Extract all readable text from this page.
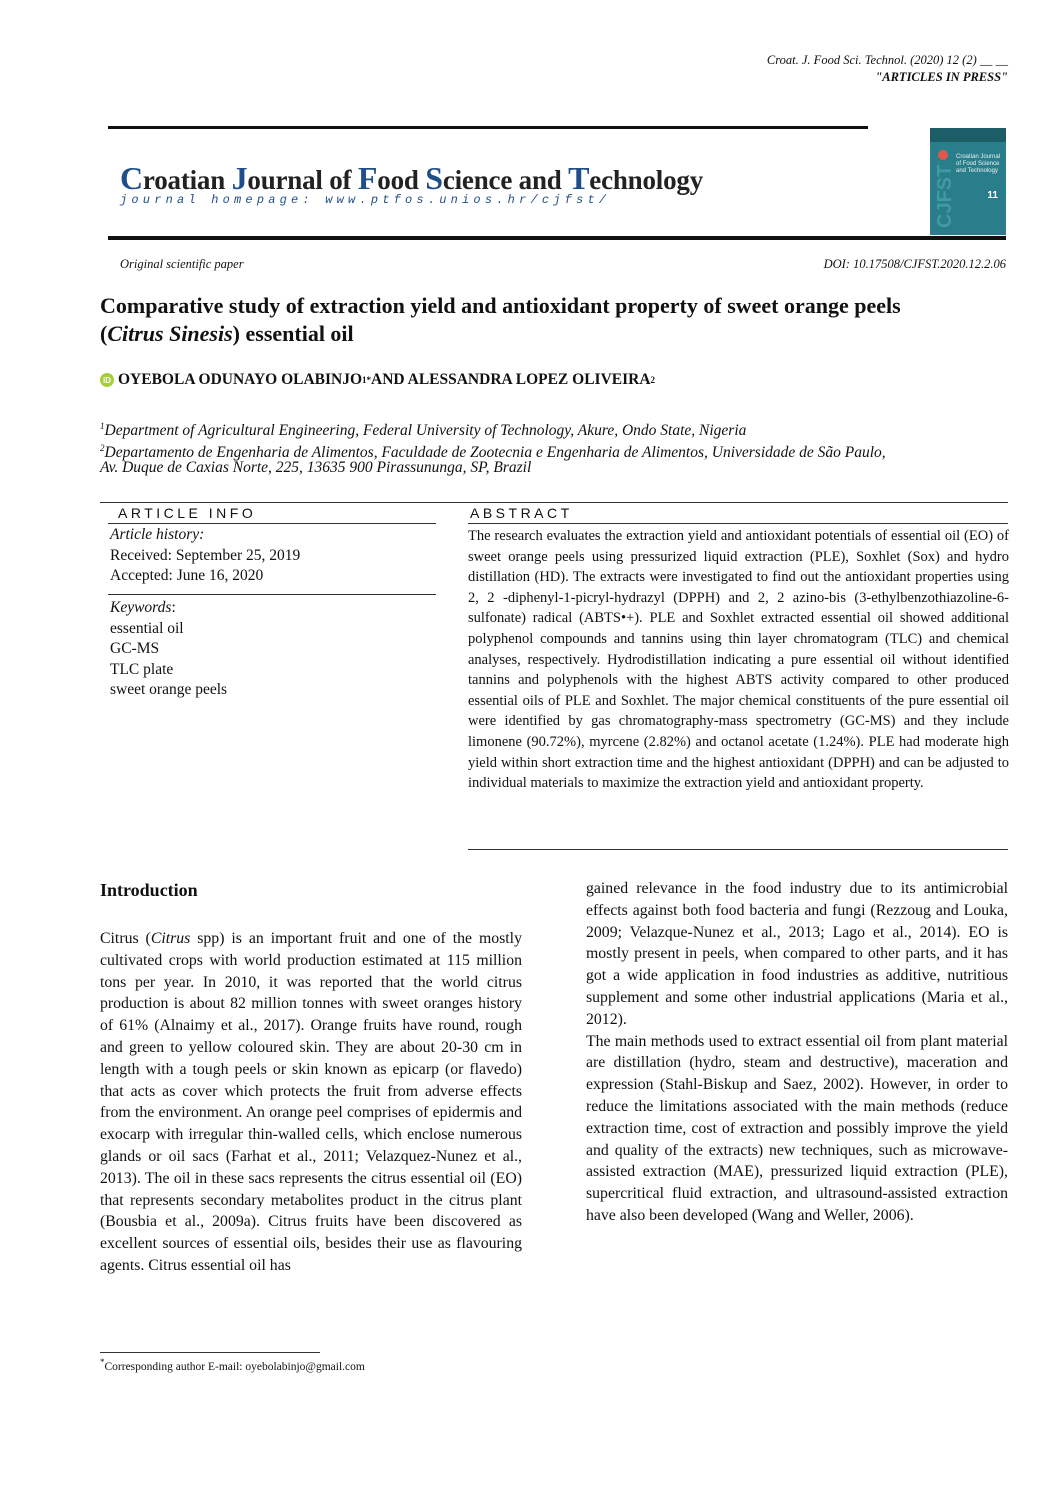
Croat. J. Food Sci. Technol. (2020) 12 (2) __ __
"ARTICLES IN PRESS"
Croatian Journal of Food Science and Technology
journal homepage: www.ptfos.unios.hr/cjfst/
Croatian Journal of Food Science and Technology
CJFST	11
Original scientific paper	DOI: 10.17508/CJFST.2020.12.2.06
Comparative study of extraction yield and antioxidant property of sweet orange peels
(Citrus Sinesis) essential oil
iD OYEBOLA ODUNAYO OLABINJO 1* AND ALESSANDRA LOPEZ OLIVEIRA 2
$^1$Department of Agricultural Engineering, Federal University of Technology, Akure, Ondo State, Nigeria
$^2$Departamento de Engenharia de Alimentos, Faculdade de Zootecnia e Engenharia de Alimentos, Universidade de São Paulo,
Av. Duque de Caxias Norte, 225, 13635 900 Pirassununga, SP, Brazil
ARTICLE INFO
Article history:
Received: September 25, 2019
Accepted: June 16, 2020
Keywords:
essential oil
GC-MS
TLC plate
sweet orange peels
ABSTRACT
The research evaluates the extraction yield and antioxidant potentials of essential oil (EO) of sweet orange peels using pressurized liquid extraction (PLE), Soxhlet (Sox) and hydro distillation (HD). The extracts were investigated to find out the antioxidant properties using 2, 2 -diphenyl-1-picryl-hydrazyl (DPPH) and 2, 2 azino-bis (3-ethylbenzothiazoline-6-sulfonate) radical (ABTS•+). PLE and Soxhlet extracted essential oil showed additional polyphenol compounds and tannins using thin layer chromatogram (TLC) and chemical analyses, respectively. Hydrodistillation indicating a pure essential oil without identified tannins and polyphenols with the highest ABTS activity compared to other produced essential oils of PLE and Soxhlet. The major chemical constituents of the pure essential oil were identified by gas chromatography-mass spectrometry (GC-MS) and they include limonene (90.72%), myrcene (2.82%) and octanol acetate (1.24%). PLE had moderate high yield within short extraction time and the highest antioxidant (DPPH) and can be adjusted to individual materials to maximize the extraction yield and antioxidant property.
Introduction

Citrus (Citrus spp) is an important fruit and one of the mostly cultivated crops with world production estimated at 115 million tons per year. In 2010, it was reported that the world citrus production is about 82 million tonnes with sweet oranges history of 61% (Alnaimy et al., 2017). Orange fruits have round, rough and green to yellow coloured skin. They are about 20-30 cm in length with a tough peels or skin known as epicarp (or flavedo) that acts as cover which protects the fruit from adverse effects from the environment. An orange peel comprises of epidermis and exocarp with irregular thin-walled cells, which enclose numerous glands or oil sacs (Farhat et al., 2011; Velazquez-Nunez et al., 2013). The oil in these sacs represents the citrus essential oil (EO) that represents secondary metabolites product in the citrus plant (Bousbia et al., 2009a). Citrus fruits have been discovered as excellent sources of essential oils, besides their use as flavouring agents. Citrus essential oil has

gained relevance in the food industry due to its antimicrobial effects against both food bacteria and fungi (Rezzoug and Louka, 2009; Velazque-Nunez et al., 2013; Lago et al., 2014). EO is mostly present in peels, when compared to other parts, and it has got a wide application in food industries as additive, nutritious supplement and some other industrial applications (Maria et al., 2012).

The main methods used to extract essential oil from plant material are distillation (hydro, steam and destructive), maceration and expression (Stahl-Biskup and Saez, 2002). However, in order to reduce the limitations associated with the main methods (reduce extraction time, cost of extraction and possibly improve the yield and quality of the extracts) new techniques, such as microwave-assisted extraction (MAE), pressurized liquid extraction (PLE), supercritical fluid extraction, and ultrasound-assisted extraction have also been developed (Wang and Weller, 2006).

*Corresponding author E-mail: oyebolabinjo@gmail.com
